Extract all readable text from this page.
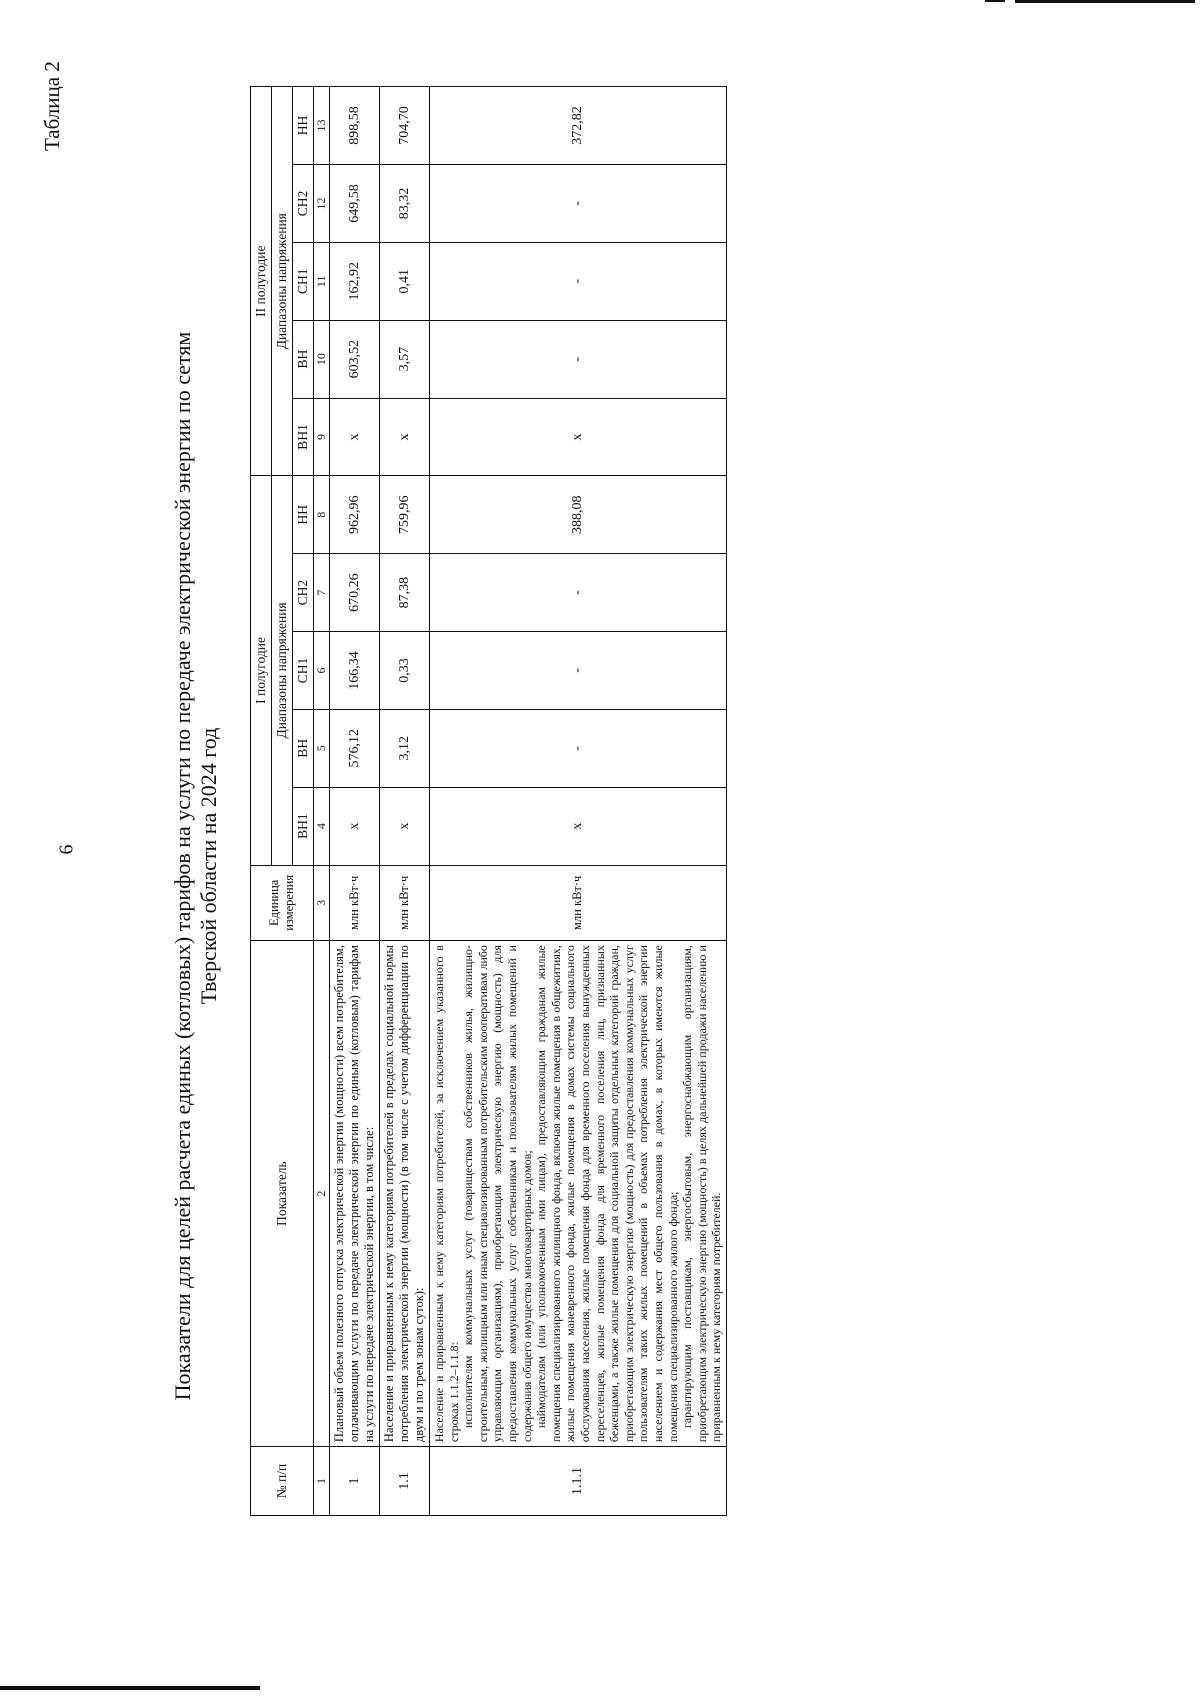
Таблица 2
Показатели для целей расчета единых (котловых) тарифов на услуги по передаче электрической энергии по сетям Тверской области на 2024 год
№ п/п	Показатель	Единица измерения	I полугодие					II полугодие				
			Диапазоны напряжения					Диапазоны напряжения				
			ВН1	ВН	СН1	СН2	НН	ВН1	ВН	СН1	СН2	НН
1	2	3	4	5	6	7	8	9	10	11	12	13
1	Плановый объем полезного отпуска электрической энергии (мощности) всем потребителям, оплачивающим услуги по передаче электрической энергии по единым (котловым) тарифам на услуги по передаче электрической энергии, в том числе:	млн кВт·ч	х	576,12	166,34	670,26	962,96	х	603,52	162,92	649,58	898,58
1.1	Население и приравненным к нему категориям потребителей в пределах социальной нормы потребления электрической энергии (мощности) (в том числе с учетом дифференциации по двум и по трем зонам суток):	млн кВт·ч	х	3,12	0,33	87,38	759,96	х	3,57	0,41	83,32	704,70
1.1.1	Население и приравненным к нему категориям потребителей, за исключением указанного в строках 1.1.2–1.1.8: исполнителям коммунальных услуг (товариществам собственников жилья, жилищно-строительным, жилищным или иным специализированным потребительским кооперативам либо управляющим организациям), приобретающим электрическую энергию (мощность) для предоставления коммунальных услуг собственникам и пользователям жилых помещений и содержания общего имущества многоквартирных домов; наймодателям (или уполномоченным ими лицам), предоставляющим гражданам жилые помещения специализированного жилищного фонда, включая жилые помещения в общежитиях, жилые помещения маневренного фонда, жилые помещения в домах системы социального обслуживания населения, жилые помещения фонда для временного поселения вынужденных переселенцев, жилые помещения фонда для временного поселения лиц, признанных беженцами, а также жилые помещения для социальной защиты отдельных категорий граждан, приобретающим электрическую энергию (мощность) для предоставления коммунальных услуг пользователям таких жилых помещений в объемах потребления электрической энергии населением и содержания мест общего пользования в домах, в которых имеются жилые помещения специализированного жилого фонда; гарантирующим поставщикам, энергосбытовым, энергоснабжающим организациям, приобретающим электрическую энергию (мощность) в целях дальнейшей продажи населению и приравненным к нему категориям потребителей.	млн кВт·ч	х	-	-	-	388,08	х	-	-	-	372,82
6
